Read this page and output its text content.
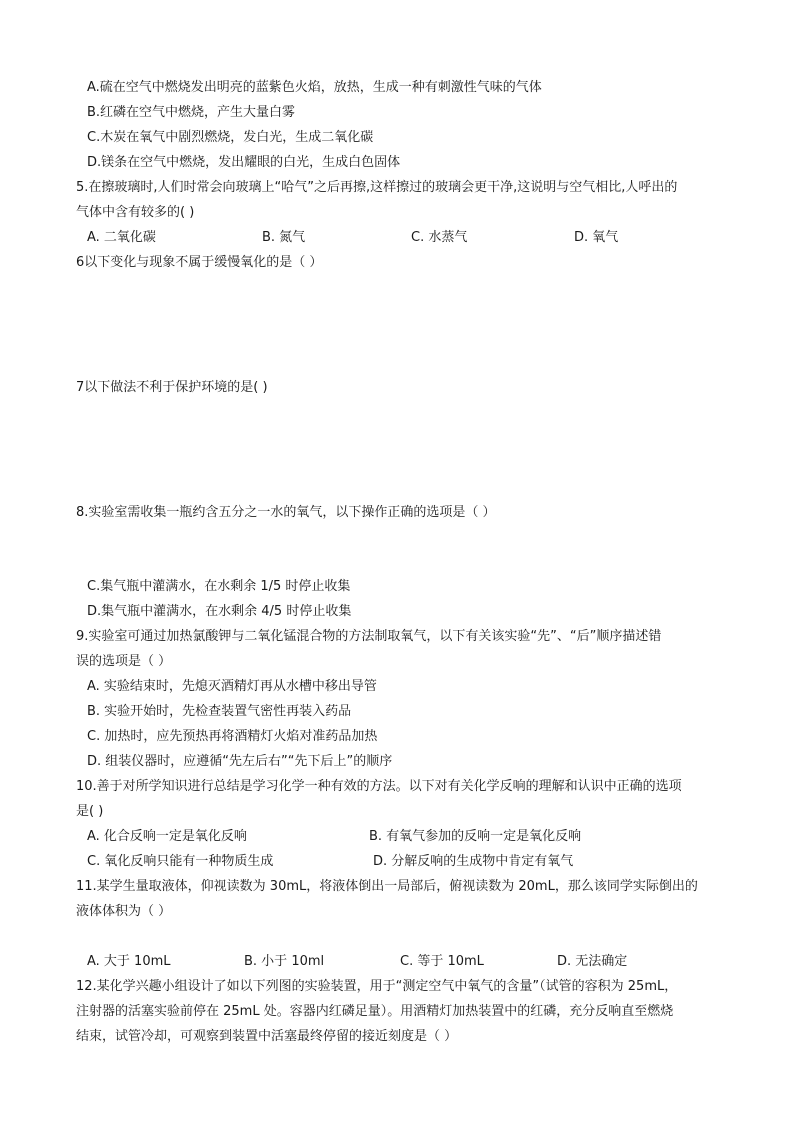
A.硫在空气中燃烧发出明亮的蓝紫色火焰，放热，生成一种有刺激性气味的气体
B.红磷在空气中燃烧，产生大量白雾
C.木炭在氧气中剧烈燃烧，发白光，生成二氧化碳
D.镁条在空气中燃烧，发出耀眼的白光，生成白色固体
5.在擦玻璃时,人们时常会向玻璃上“哈气”之后再擦,这样擦过的玻璃会更干净,这说明与空气相比,人呼出的
气体中含有较多的( )
A. 二氧化碳	B. 氮气	C. 水蒸气	D. 氧气
6以下变化与现象不属于缓慢氧化的是（ ）
7以下做法不利于保护环境的是( )
8.实验室需收集一瓶约含五分之一水的氧气，以下操作正确的选项是（ ）
C.集气瓶中灌满水，在水剩余 1/5 时停止收集
D.集气瓶中灌满水，在水剩余 4/5 时停止收集
9.实验室可通过加热氯酸钾与二氧化锰混合物的方法制取氧气，以下有关该实验“先”、“后”顺序描述错
误的选项是（ ）
A. 实验结束时，先熄灭酒精灯再从水槽中移出导管
B. 实验开始时，先检查装置气密性再装入药品
C. 加热时，应先预热再将酒精灯火焰对准药品加热
D. 组装仪器时，应遵循“先左后右”“先下后上”的顺序
10.善于对所学知识进行总结是学习化学一种有效的方法。以下对有关化学反响的理解和认识中正确的选项
是( )
A. 化合反响一定是氧化反响	B. 有氧气参加的反响一定是氧化反响
C. 氧化反响只能有一种物质生成	D. 分解反响的生成物中肯定有氧气
11.某学生量取液体，仰视读数为 30mL，将液体倒出一局部后，俯视读数为 20mL，那么该同学实际倒出的
液体体积为（ ）
A. 大于 10mL	B. 小于 10ml	C. 等于 10mL	D. 无法确定
12.某化学兴趣小组设计了如以下列图的实验装置，用于“测定空气中氧气的含量”（试管的容积为 25mL，
注射器的活塞实验前停在 25mL 处。容器内红磷足量）。用酒精灯加热装置中的红磷，充分反响直至燃烧
结束，试管冷却，可观察到装置中活塞最终停留的接近刻度是（ ）
